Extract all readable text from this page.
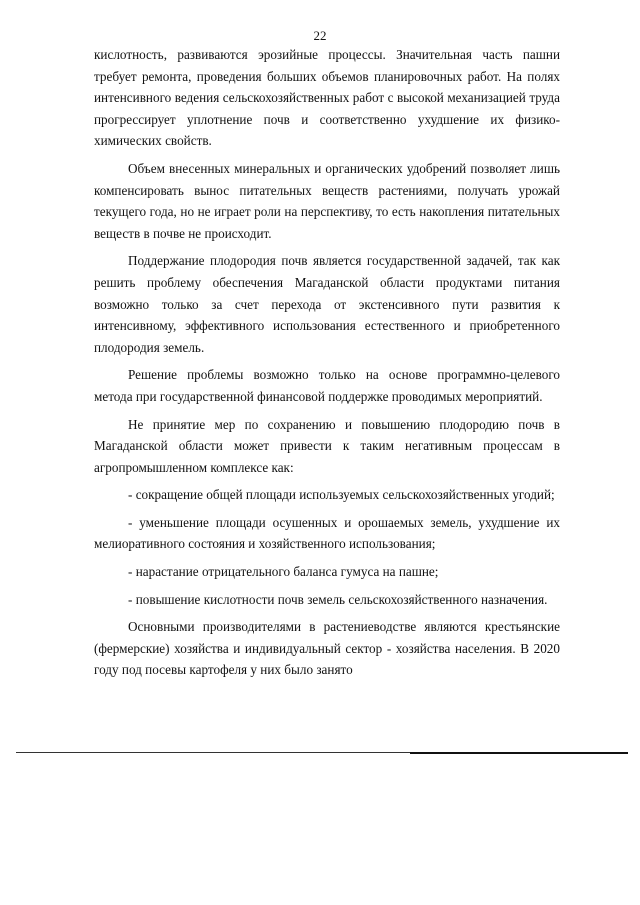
22

кислотность, развиваются эрозийные процессы. Значительная часть пашни требует ремонта, проведения больших объемов планировочных работ. На полях интенсивного ведения сельскохозяйственных работ с высокой механизацией труда прогрессирует уплотнение почв и соответственно ухудшение их физико-химических свойств.

Объем внесенных минеральных и органических удобрений позволяет лишь компенсировать вынос питательных веществ растениями, получать урожай текущего года, но не играет роли на перспективу, то есть накопления питательных веществ в почве не происходит.

Поддержание плодородия почв является государственной задачей, так как решить проблему обеспечения Магаданской области продуктами питания возможно только за счет перехода от экстенсивного пути развития к интенсивному, эффективного использования естественного и приобретенного плодородия земель.

Решение проблемы возможно только на основе программно-целевого метода при государственной финансовой поддержке проводимых мероприятий.

Не принятие мер по сохранению и повышению плодородию почв в Магаданской области может привести к таким негативным процессам в агропромышленном комплексе как:

- сокращение общей площади используемых сельскохозяйственных угодий;

- уменьшение площади осушенных и орошаемых земель, ухудшение их мелиоративного состояния и хозяйственного использования;

- нарастание отрицательного баланса гумуса на пашне;

- повышение кислотности почв земель сельскохозяйственного назначения.

Основными производителями в растениеводстве являются крестьянские (фермерские) хозяйства и индивидуальный сектор - хозяйства населения. В 2020 году под посевы картофеля у них было занято
